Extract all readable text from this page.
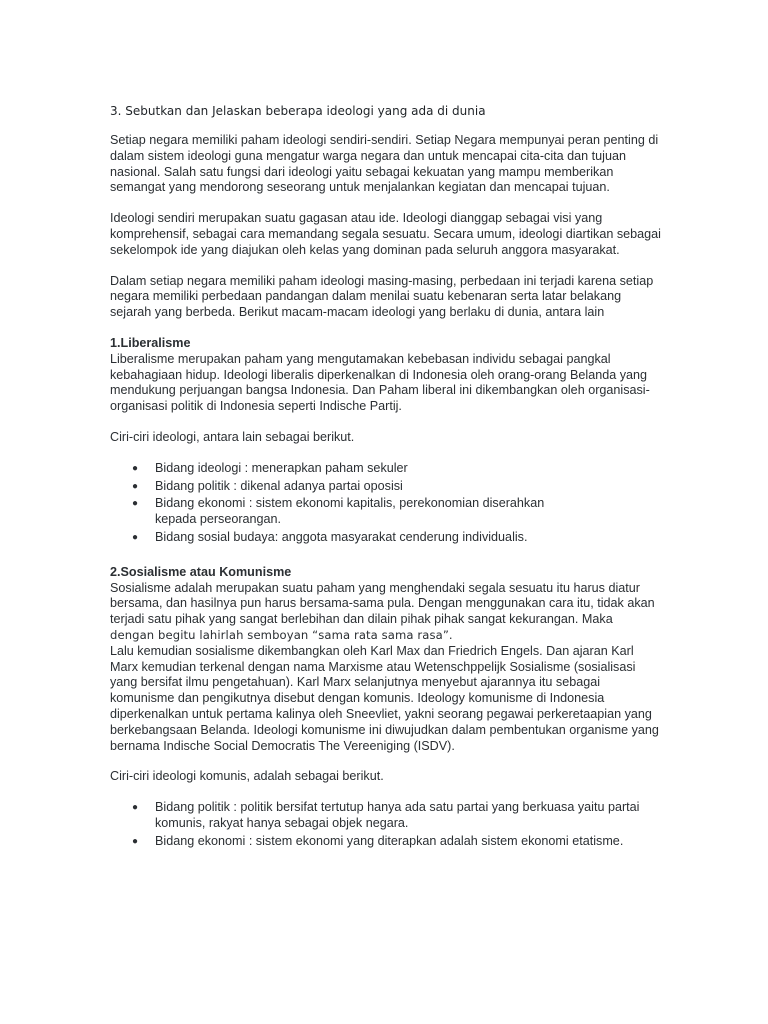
3. Sebutkan dan Jelaskan beberapa ideologi yang ada di dunia

Setiap negara memiliki paham ideologi sendiri-sendiri. Setiap Negara mempunyai peran penting di dalam sistem ideologi guna mengatur warga negara dan untuk mencapai cita-cita dan tujuan nasional. Salah satu fungsi dari ideologi yaitu sebagai kekuatan yang mampu memberikan semangat yang mendorong seseorang untuk menjalankan kegiatan dan mencapai tujuan.

Ideologi sendiri merupakan suatu gagasan atau ide. Ideologi dianggap sebagai visi yang komprehensif, sebagai cara memandang segala sesuatu. Secara umum, ideologi diartikan sebagai sekelompok ide yang diajukan oleh kelas yang dominan pada seluruh anggora masyarakat.

Dalam setiap negara memiliki paham ideologi masing-masing, perbedaan ini terjadi karena setiap negara memiliki perbedaan pandangan dalam menilai suatu kebenaran serta latar belakang sejarah yang berbeda. Berikut macam-macam ideologi yang berlaku di dunia, antara lain

1.Liberalisme

Liberalisme merupakan paham yang mengutamakan kebebasan individu sebagai pangkal kebahagiaan hidup. Ideologi liberalis diperkenalkan di Indonesia oleh orang-orang Belanda yang mendukung perjuangan bangsa Indonesia. Dan Paham liberal ini dikembangkan oleh organisasi-organisasi politik di Indonesia seperti Indische Partij.

Ciri-ciri ideologi, antara lain sebagai berikut.

● Bidang ideologi : menerapkan paham sekuler
● Bidang politik : dikenal adanya partai oposisi
● Bidang ekonomi : sistem ekonomi kapitalis, perekonomian diserahkan kepada perseorangan.
● Bidang sosial budaya: anggota masyarakat cenderung individualis.
2.Sosialisme atau Komunisme

Sosialisme adalah merupakan suatu paham yang menghendaki segala sesuatu itu harus diatur bersama, dan hasilnya pun harus bersama-sama pula. Dengan menggunakan cara itu, tidak akan terjadi satu pihak yang sangat berlebihan dan dilain pihak pihak sangat kekurangan. Maka
dengan begitu lahirlah semboyan “sama rata sama rasa”.
Lalu kemudian sosialisme dikembangkan oleh Karl Max dan Friedrich Engels. Dan ajaran Karl Marx kemudian terkenal dengan nama Marxisme atau Wetenschppelijk Sosialisme (sosialisasi yang bersifat ilmu pengetahuan). Karl Marx selanjutnya menyebut ajarannya itu sebagai komunisme dan pengikutnya disebut dengan komunis. Ideology komunisme di Indonesia diperkenalkan untuk pertama kalinya oleh Sneevliet, yakni seorang pegawai perkeretaapian yang berkebangsaan Belanda. Ideologi komunisme ini diwujudkan dalam pembentukan organisme yang bernama Indische Social Democratis The Vereeniging (ISDV).

Ciri-ciri ideologi komunis, adalah sebagai berikut.

● Bidang politik : politik bersifat tertutup hanya ada satu partai yang berkuasa yaitu partai komunis, rakyat hanya sebagai objek negara.
● Bidang ekonomi : sistem ekonomi yang diterapkan adalah sistem ekonomi etatisme.
